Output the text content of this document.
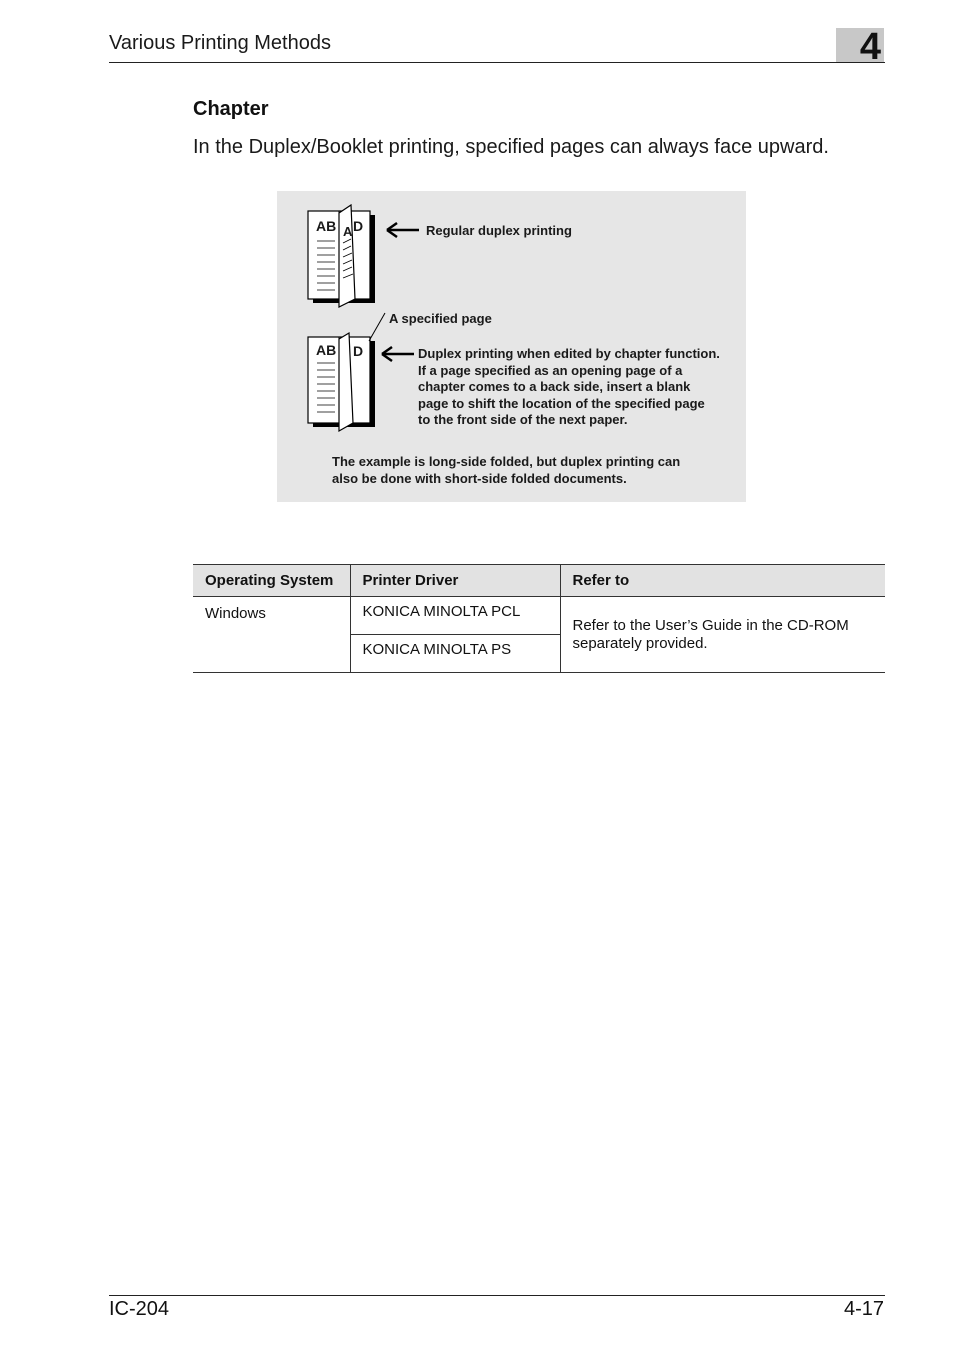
Various Printing Methods	4
Chapter
In the Duplex/Booklet printing, specified pages can always face upward.
AB A D
AB D
Regular duplex printing
A specified page
Duplex printing when edited by chapter function.
If a page specified as an opening page of a
chapter comes to a back side, insert a blank
page to shift the location of the specified page
to the front side of the next paper.
The example is long-side folded, but duplex printing can
also be done with short-side folded documents.
Operating System	Printer Driver	Refer to
Windows	KONICA MINOLTA PCL	Refer to the User’s Guide in the CD-ROM
separately provided.

	KONICA MINOLTA PS	
IC-204	4-17
